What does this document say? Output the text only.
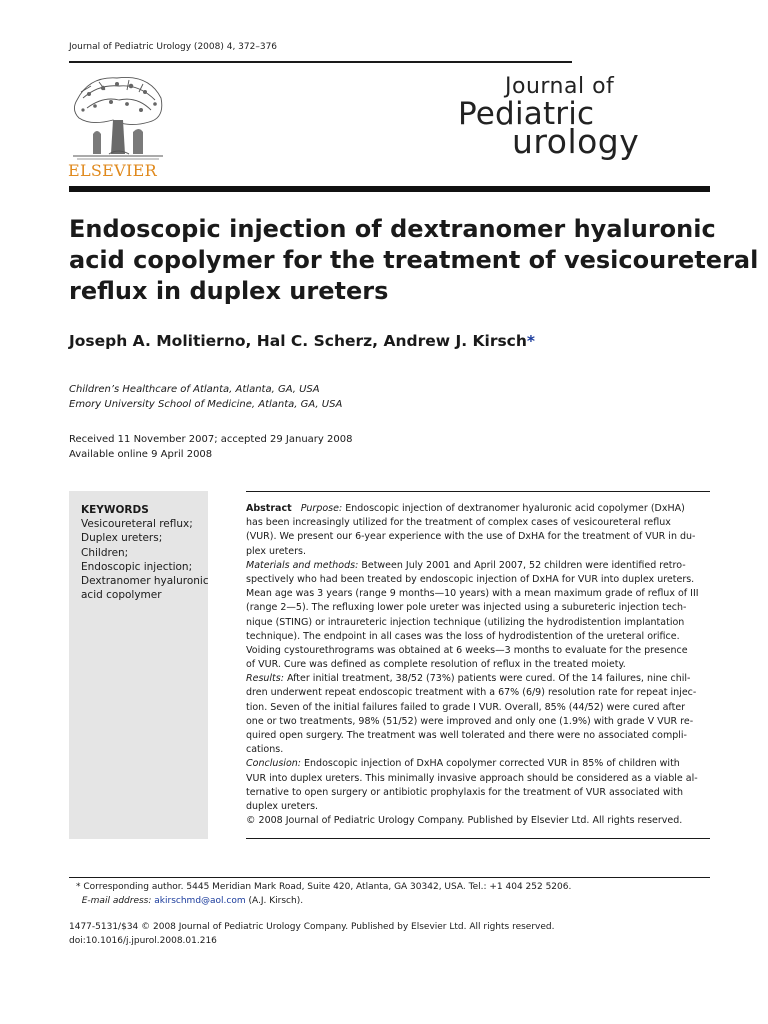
Journal of Pediatric Urology (2008) 4, 372–376
ELSEVIER
Journal of
Pediatric
urology
Endoscopic injection of dextranomer hyaluronic
acid copolymer for the treatment of vesicoureteral
reflux in duplex ureters
Joseph A. Molitierno, Hal C. Scherz, Andrew J. Kirsch*
Children’s Healthcare of Atlanta, Atlanta, GA, USA
Emory University School of Medicine, Atlanta, GA, USA
Received 11 November 2007; accepted 29 January 2008
Available online 9 April 2008
KEYWORDS
Vesicoureteral reflux;
Duplex ureters;
Children;
Endoscopic injection;
Dextranomer hyaluronic
acid copolymer
Abstract Purpose: Endoscopic injection of dextranomer hyaluronic acid copolymer (DxHA)
has been increasingly utilized for the treatment of complex cases of vesicoureteral reflux
(VUR). We present our 6-year experience with the use of DxHA for the treatment of VUR in du-
plex ureters.
Materials and methods: Between July 2001 and April 2007, 52 children were identified retro-
spectively who had been treated by endoscopic injection of DxHA for VUR into duplex ureters.
Mean age was 3 years (range 9 months—10 years) with a mean maximum grade of reflux of III
(range 2—5). The refluxing lower pole ureter was injected using a subureteric injection tech-
nique (STING) or intraureteric injection technique (utilizing the hydrodistention implantation
technique). The endpoint in all cases was the loss of hydrodistention of the ureteral orifice.
Voiding cystourethrograms was obtained at 6 weeks—3 months to evaluate for the presence
of VUR. Cure was defined as complete resolution of reflux in the treated moiety.
Results: After initial treatment, 38/52 (73%) patients were cured. Of the 14 failures, nine chil-
dren underwent repeat endoscopic treatment with a 67% (6/9) resolution rate for repeat injec-
tion. Seven of the initial failures failed to grade I VUR. Overall, 85% (44/52) were cured after
one or two treatments, 98% (51/52) were improved and only one (1.9%) with grade V VUR re-
quired open surgery. The treatment was well tolerated and there were no associated compli-
cations.
Conclusion: Endoscopic injection of DxHA copolymer corrected VUR in 85% of children with
VUR into duplex ureters. This minimally invasive approach should be considered as a viable al-
ternative to open surgery or antibiotic prophylaxis for the treatment of VUR associated with
duplex ureters.
© 2008 Journal of Pediatric Urology Company. Published by Elsevier Ltd. All rights reserved.
* Corresponding author. 5445 Meridian Mark Road, Suite 420, Atlanta, GA 30342, USA. Tel.: +1 404 252 5206.
E-mail address: akirschmd@aol.com (A.J. Kirsch).
1477-5131/$34 © 2008 Journal of Pediatric Urology Company. Published by Elsevier Ltd. All rights reserved.
doi:10.1016/j.jpurol.2008.01.216
